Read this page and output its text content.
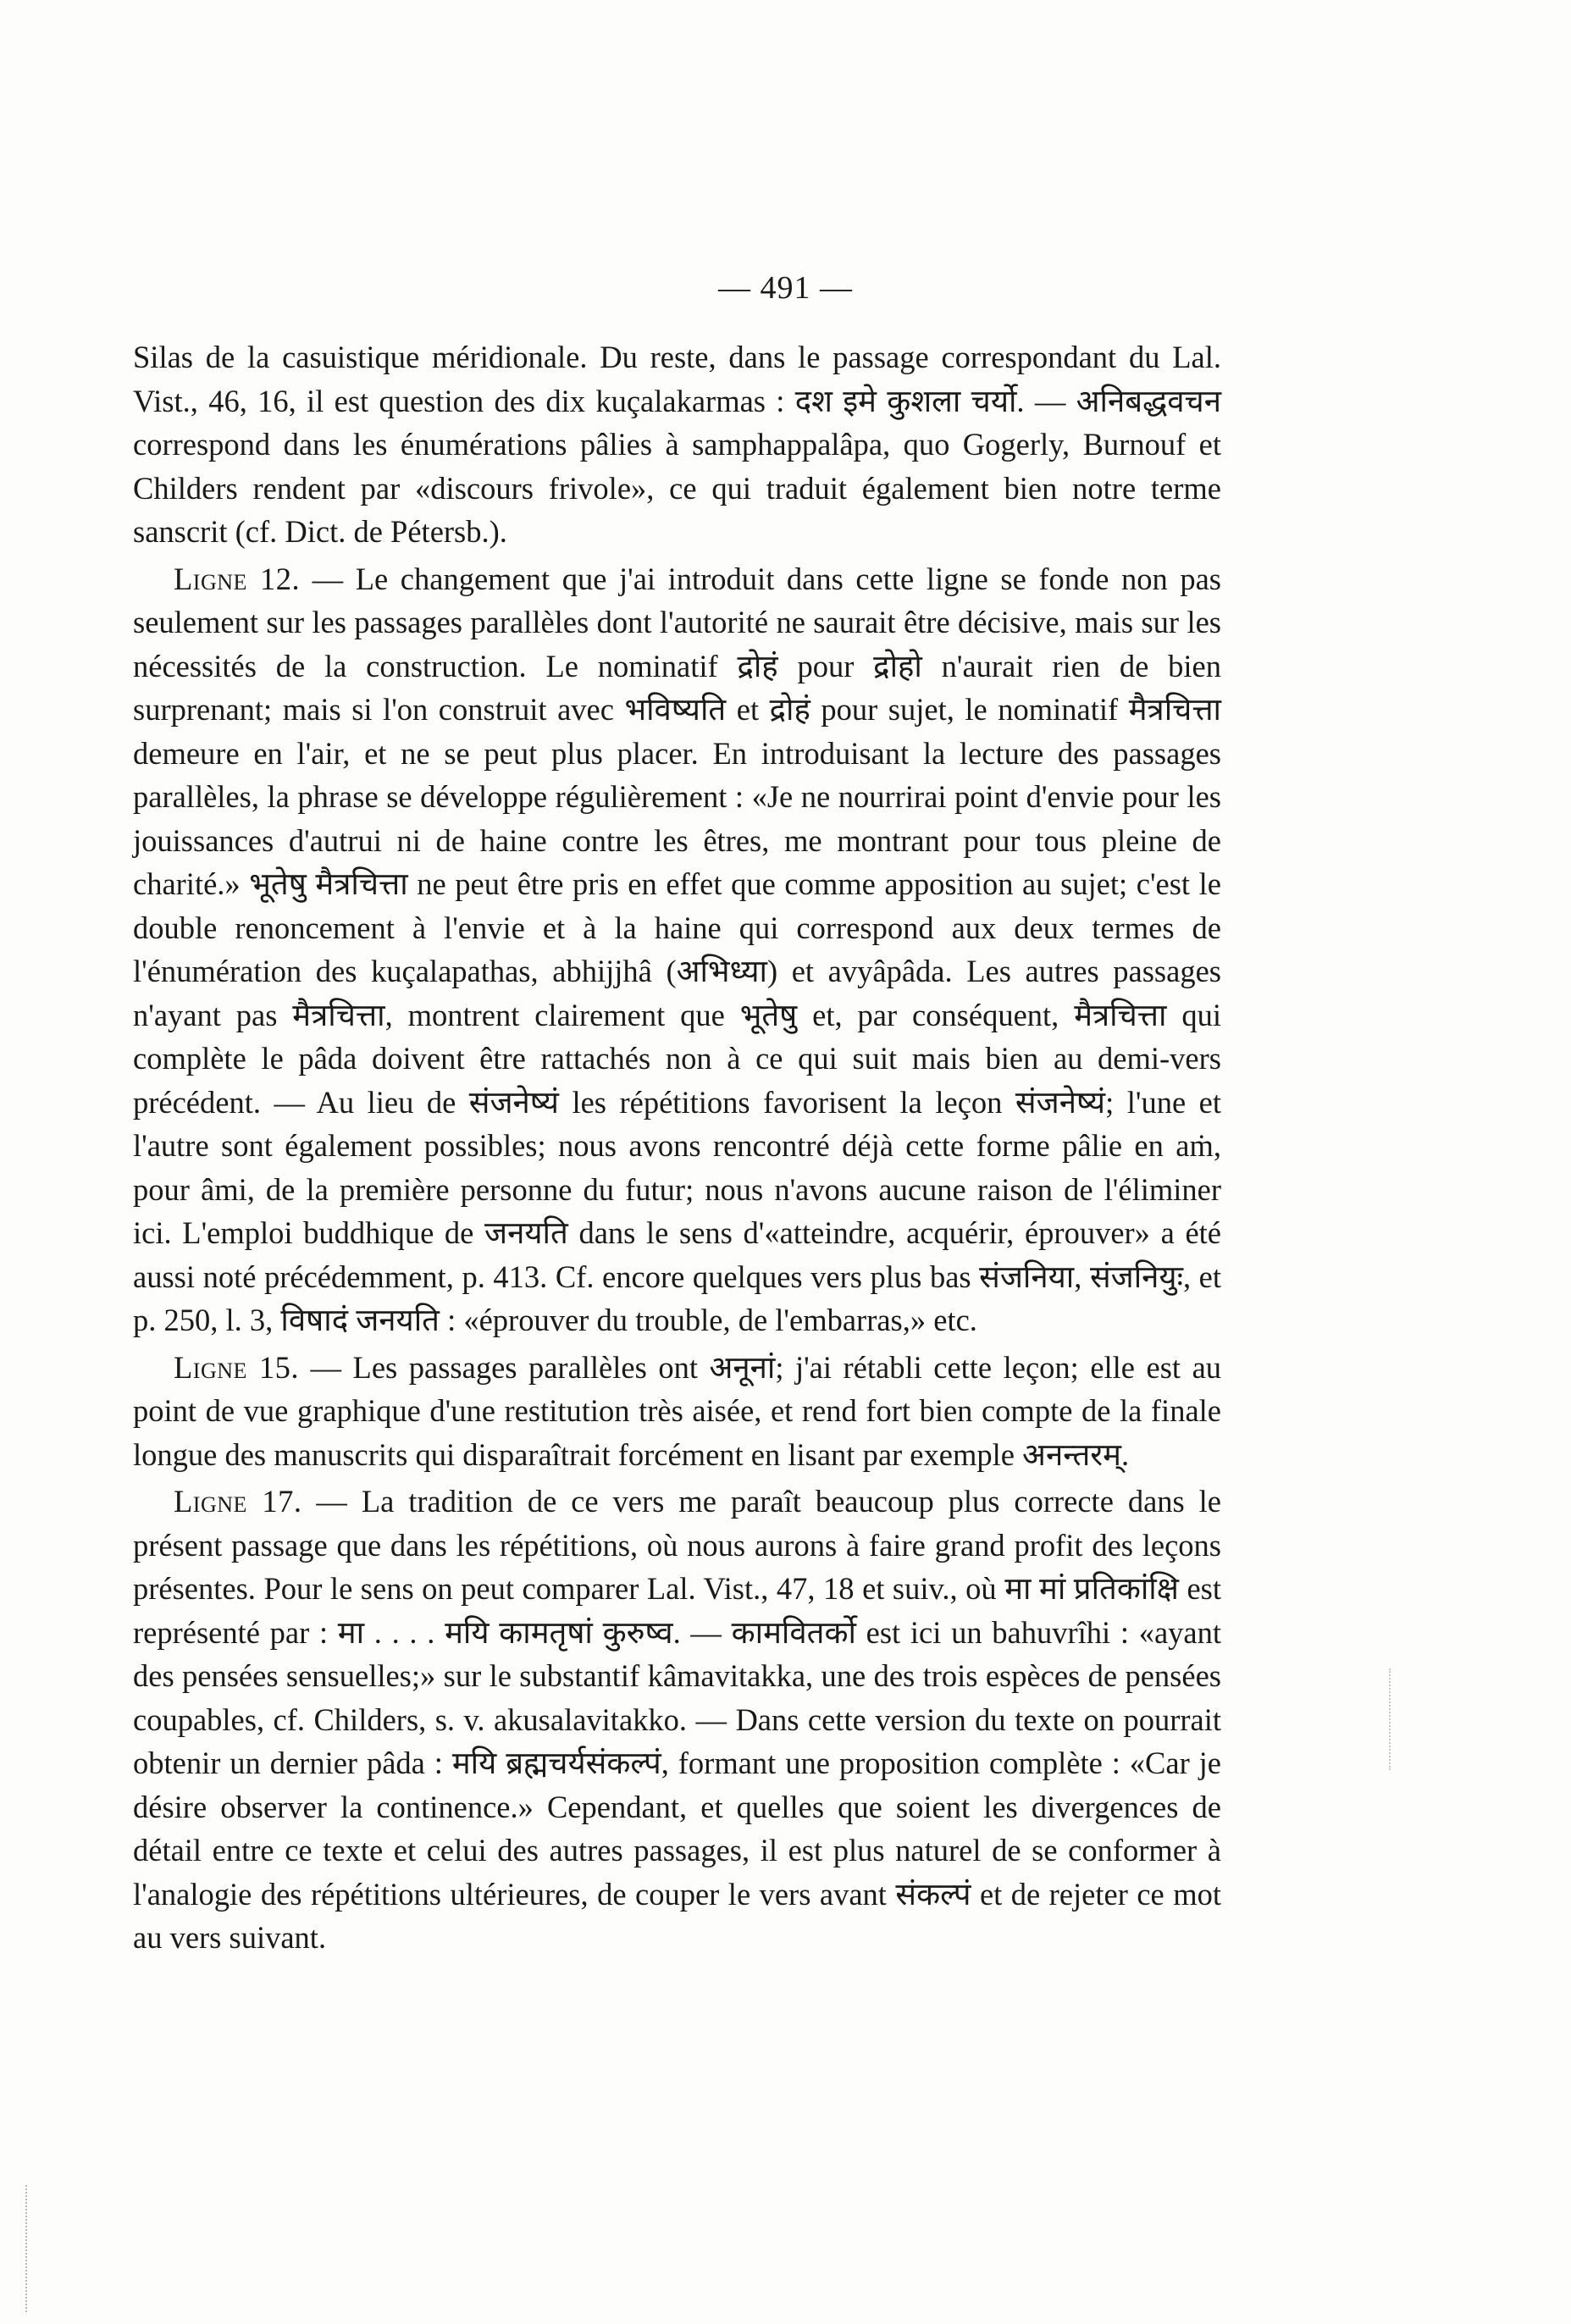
— 491 —

Silas de la casuistique méridionale. Du reste, dans le passage correspondant du Lal. Vist., 46, 16, il est question des dix kuçalakarmas : दश इमे कुशला चर्यो. — अनिबद्धवचन correspond dans les énumérations pâlies à samphappalâpa, quo Gogerly, Burnouf et Childers rendent par «discours frivole», ce qui traduit également bien notre terme sanscrit (cf. Dict. de Pétersb.).

Ligne 12. — Le changement que j'ai introduit dans cette ligne se fonde non pas seulement sur les passages parallèles dont l'autorité ne saurait être décisive, mais sur les nécessités de la construction. Le nominatif द्रोहं pour द्रोहो n'aurait rien de bien surprenant; mais si l'on construit avec भविष्यति et द्रोहं pour sujet, le nominatif मैत्रचित्ता demeure en l'air, et ne se peut plus placer. En introduisant la lecture des passages parallèles, la phrase se développe régulièrement : «Je ne nourrirai point d'envie pour les jouissances d'autrui ni de haine contre les êtres, me montrant pour tous pleine de charité.» भूतेषु मैत्रचित्ता ne peut être pris en effet que comme apposition au sujet; c'est le double renoncement à l'envie et à la haine qui correspond aux deux termes de l'énumération des kuçalapathas, abhijjhâ (अभिध्या) et avyâpâda. Les autres passages n'ayant pas मैत्रचित्ता, montrent clairement que भूतेषु et, par conséquent, मैत्रचित्ता qui complète le pâda doivent être rattachés non à ce qui suit mais bien au demi-vers précédent. — Au lieu de संजनेष्यं les répétitions favorisent la leçon संजनेष्यं; l'une et l'autre sont également possibles; nous avons rencontré déjà cette forme pâlie en aṁ, pour âmi, de la première personne du futur; nous n'avons aucune raison de l'éliminer ici. L'emploi buddhique de जनयति dans le sens d'«atteindre, acquérir, éprouver» a été aussi noté précédemment, p. 413. Cf. encore quelques vers plus bas संजनिया, संजनियुः, et p. 250, l. 3, विषादं जनयति : «éprouver du trouble, de l'embarras,» etc.

Ligne 15. — Les passages parallèles ont अनूनां; j'ai rétabli cette leçon; elle est au point de vue graphique d'une restitution très aisée, et rend fort bien compte de la finale longue des manuscrits qui disparaîtrait forcément en lisant par exemple अनन्तरम्.

Ligne 17. — La tradition de ce vers me paraît beaucoup plus correcte dans le présent passage que dans les répétitions, où nous aurons à faire grand profit des leçons présentes. Pour le sens on peut comparer Lal. Vist., 47, 18 et suiv., où मा मां प्रतिकांक्षि est représenté par : मा . . . . मयि कामतृषां कुरुष्व. — कामवितर्को est ici un bahuvrîhi : «ayant des pensées sensuelles;» sur le substantif kâmavitakka, une des trois espèces de pensées coupables, cf. Childers, s. v. akusalavitakko. — Dans cette version du texte on pourrait obtenir un dernier pâda : मयि ब्रह्मचर्यसंकल्पं, formant une proposition complète : «Car je désire observer la continence.» Cependant, et quelles que soient les divergences de détail entre ce texte et celui des autres passages, il est plus naturel de se conformer à l'analogie des répétitions ultérieures, de couper le vers avant संकल्पं et de rejeter ce mot au vers suivant.
